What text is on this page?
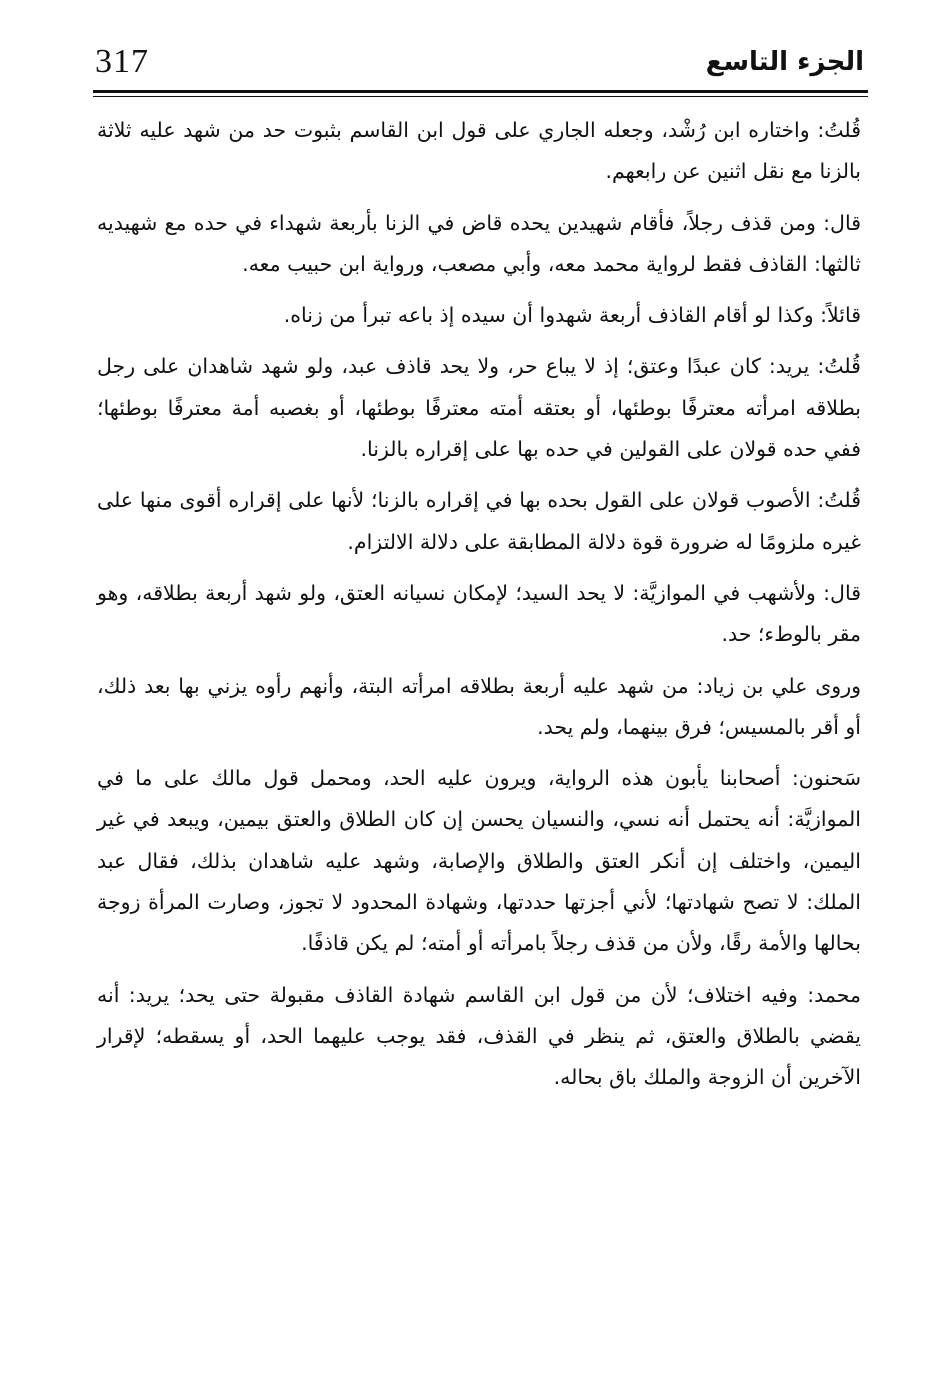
317	الجزء التاسع

قُلتُ: واختاره ابن رُشْد، وجعله الجاري على قول ابن القاسم بثبوت حد من شهد عليه ثلاثة بالزنا مع نقل اثنين عن رابعهم.

قال: ومن قذف رجلاً، فأقام شهيدين يحده قاض في الزنا بأربعة شهداء في حده مع شهيديه ثالثها: القاذف فقط لرواية محمد معه، وأبي مصعب، ورواية ابن حبيب معه.

قائلاً: وكذا لو أقام القاذف أربعة شهدوا أن سيده إذ باعه تبرأ من زناه.

قُلتُ: يريد: كان عبدًا وعتق؛ إذ لا يباع حر، ولا يحد قاذف عبد، ولو شهد شاهدان على رجل بطلاقه امرأته معترفًا بوطئها، أو بعتقه أمته معترفًا بوطئها، أو بغصبه أمة معترفًا بوطئها؛ ففي حده قولان على القولين في حده بها على إقراره بالزنا.

قُلتُ: الأصوب قولان على القول بحده بها في إقراره بالزنا؛ لأنها على إقراره أقوى منها على غيره ملزومًا له ضرورة قوة دلالة المطابقة على دلالة الالتزام.

قال: ولأشهب في الموازيَّة: لا يحد السيد؛ لإمكان نسيانه العتق، ولو شهد أربعة بطلاقه، وهو مقر بالوطء؛ حد.

وروى علي بن زياد: من شهد عليه أربعة بطلاقه امرأته البتة، وأنهم رأوه يزني بها بعد ذلك، أو أقر بالمسيس؛ فرق بينهما، ولم يحد.

سَحنون: أصحابنا يأبون هذه الرواية، ويرون عليه الحد، ومحمل قول مالك على ما في الموازيَّة: أنه يحتمل أنه نسي، والنسيان يحسن إن كان الطلاق والعتق بيمين، ويبعد في غير اليمين، واختلف إن أنكر العتق والطلاق والإصابة، وشهد عليه شاهدان بذلك، فقال عبد الملك: لا تصح شهادتها؛ لأني أجزتها حددتها، وشهادة المحدود لا تجوز، وصارت المرأة زوجة بحالها والأمة رقًا، ولأن من قذف رجلاً بامرأته أو أمته؛ لم يكن قاذفًا.

محمد: وفيه اختلاف؛ لأن من قول ابن القاسم شهادة القاذف مقبولة حتى يحد؛ يريد: أنه يقضي بالطلاق والعتق، ثم ينظر في القذف، فقد يوجب عليهما الحد، أو يسقطه؛ لإقرار الآخرين أن الزوجة والملك باق بحاله.
